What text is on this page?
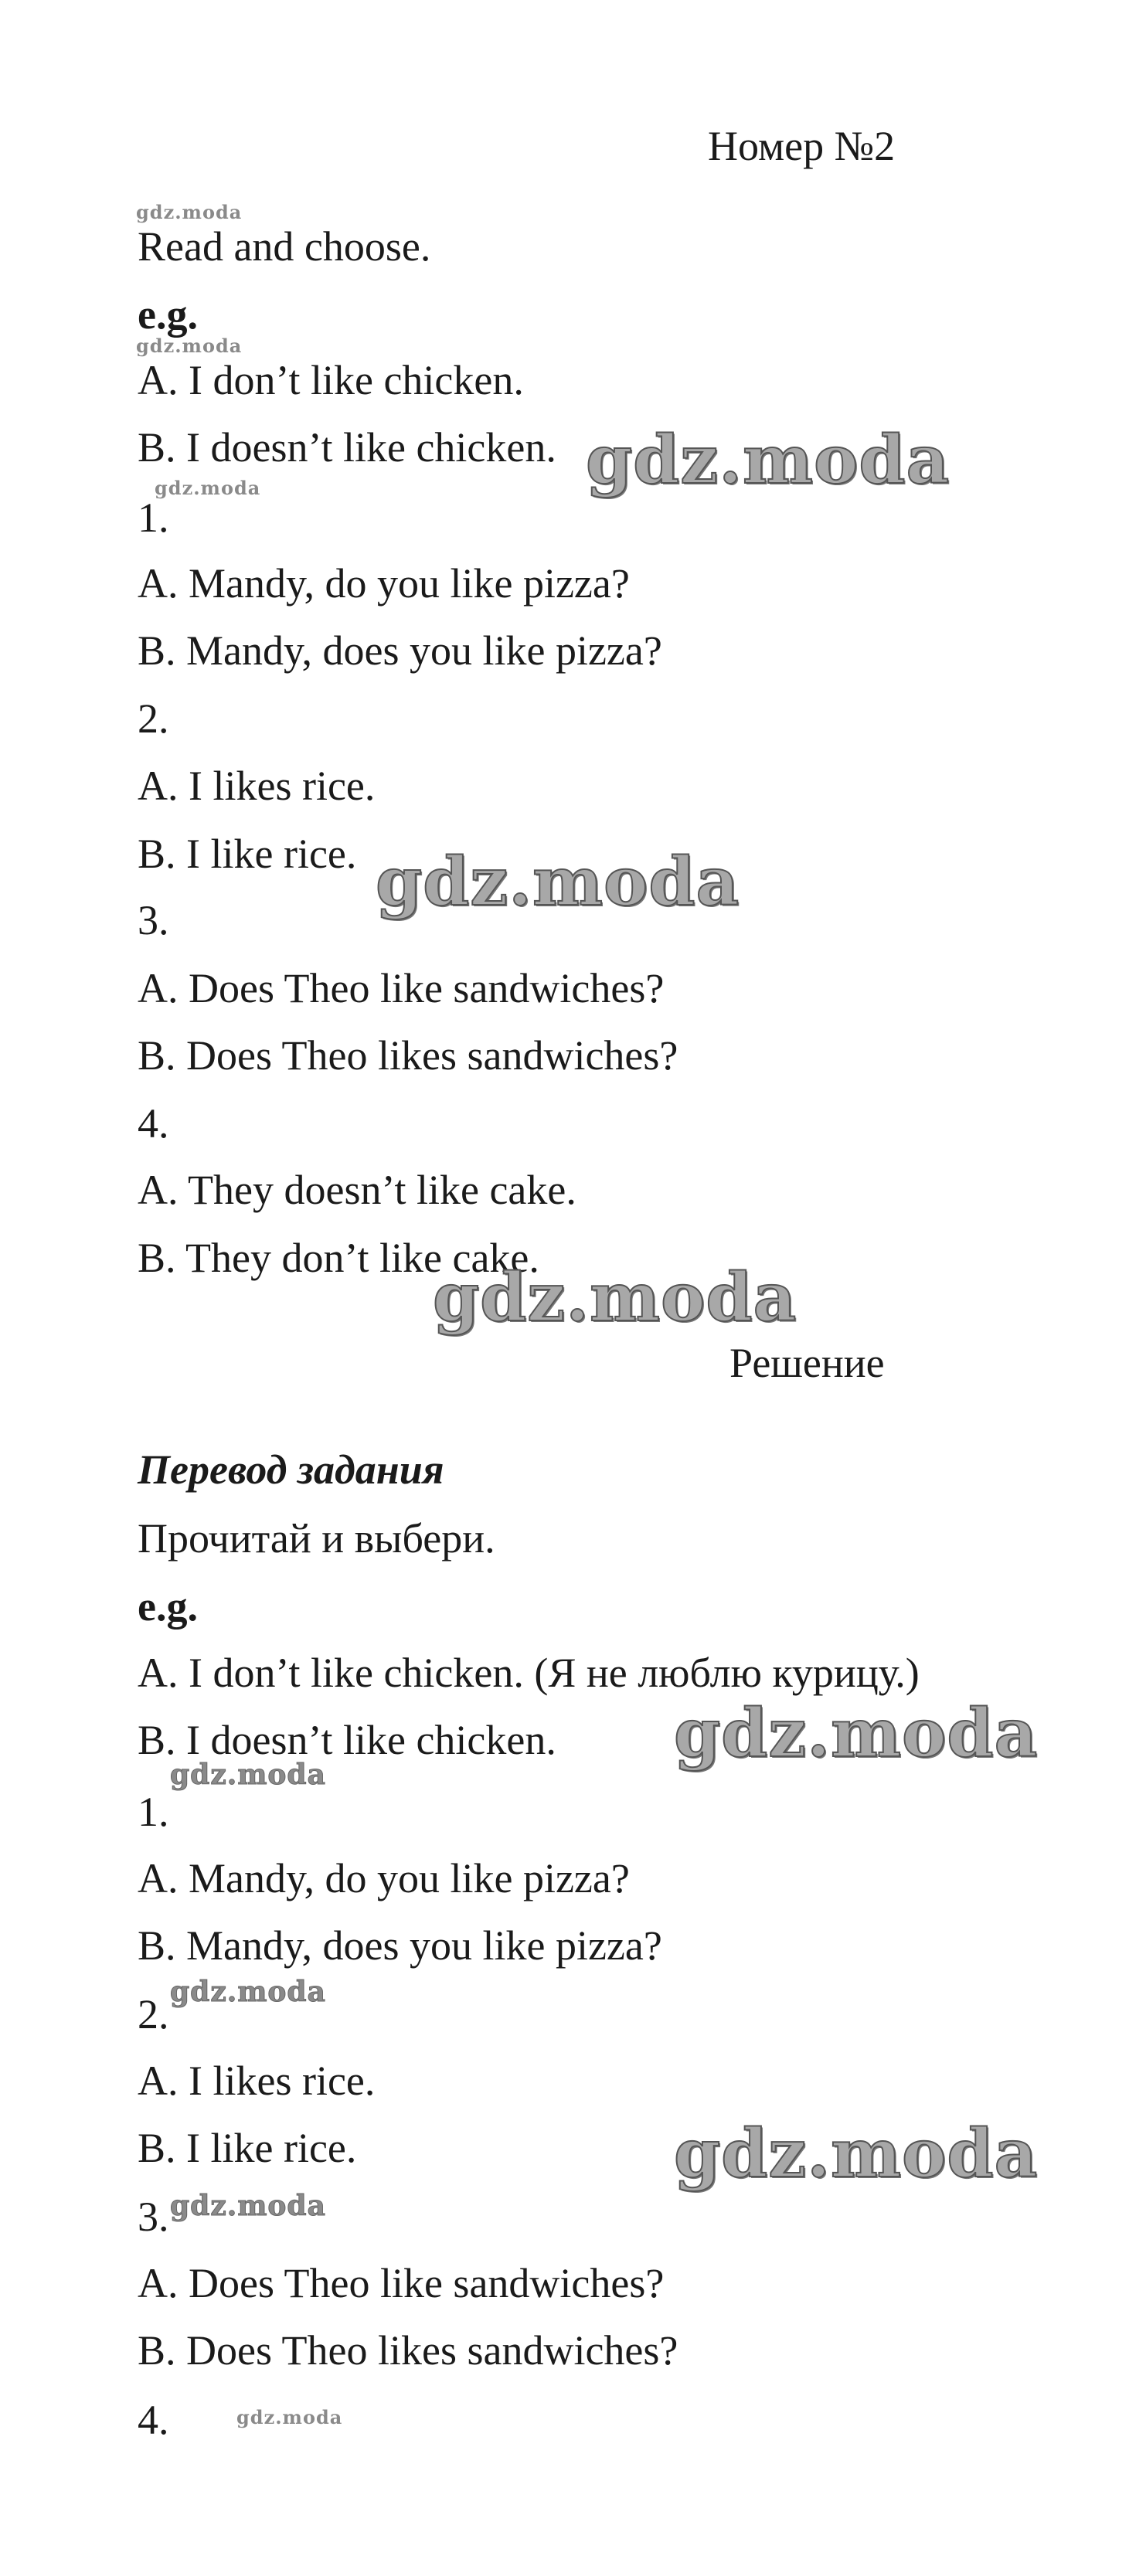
Номер №2
gdz.moda
Read and choose.
e.g.
gdz.moda
A. I don’t like chicken.
B. I doesn’t like chicken. gdz.moda
gdz.moda
1.
A. Mandy, do you like pizza?
B. Mandy, does you like pizza?
2.
A. I likes rice.
B. I like rice. gdz.moda
3.
A. Does Theo like sandwiches?
B. Does Theo likes sandwiches?
4.
A. They doesn’t like cake.
B. They don’t like cake.
gdz.moda
Решение
Перевод задания
Прочитай и выбери.
e.g.
A. I don’t like chicken. (Я не люблю курицу.)
B. I doesn’t like chicken. gdz.moda
gdz.moda
1.
A. Mandy, do you like pizza?
B. Mandy, does you like pizza?
2. gdz.moda
A. I likes rice.
B. I like rice.	gdz.moda
3. gdz.moda
A. Does Theo like sandwiches?
B. Does Theo likes sandwiches?
4.	gdz.moda
